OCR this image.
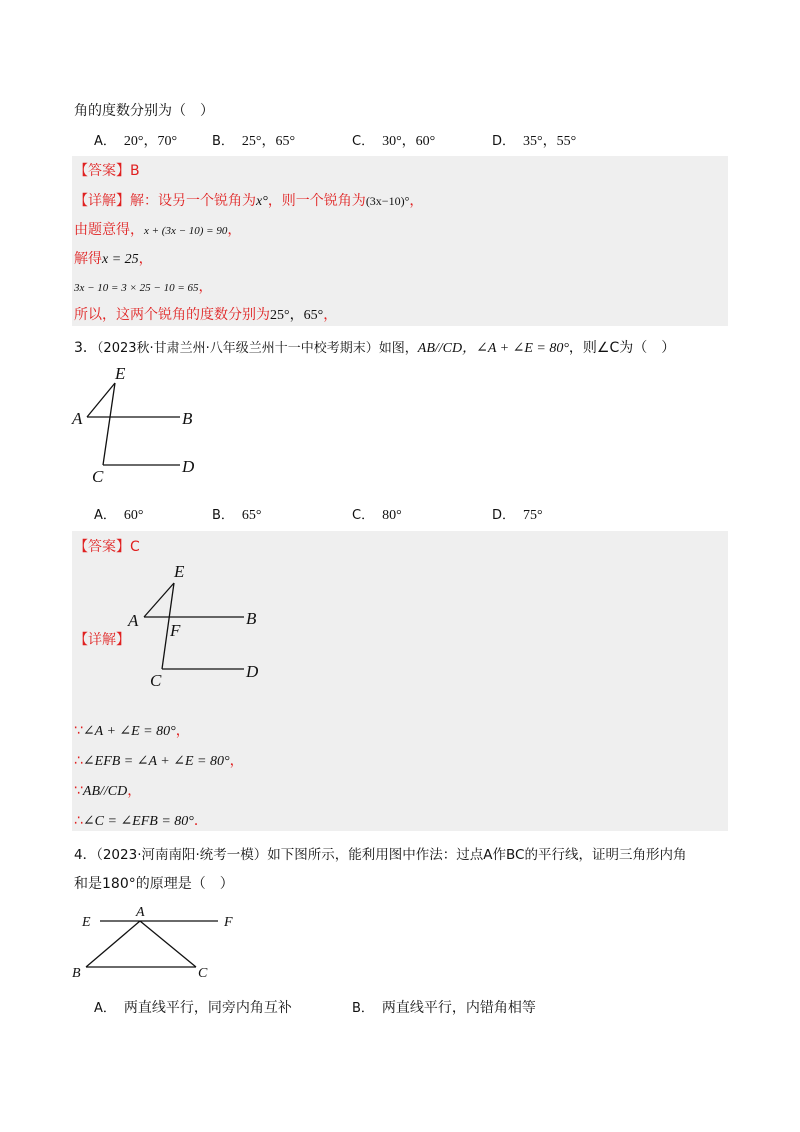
角的度数分别为（　）
A． 20°，70°	B． 25°，65°	C． 30°，60°	D． 35°，55°
【答案】B
【详解】解：设另一个锐角为x°，则一个锐角为(3x−10)°，
由题意得，x + (3x − 10) = 90，
解得x = 25，
3x − 10 = 3 × 25 − 10 = 65，
所以，这两个锐角的度数分别为25°，65°，
3．（2023秋·甘肃兰州·八年级兰州十一中校考期末）如图，AB//CD，∠A + ∠E = 80°，则∠C为（　）
E
A	B
C
D
A． 60°	B． 65°	C． 80°	D． 75°
【答案】C
【详解】
E
A
F
B
C	D
∵∠A + ∠E = 80°，
∴∠EFB = ∠A + ∠E = 80°，
∵AB//CD，
∴∠C = ∠EFB = 80°．
4．（2023·河南南阳·统考一模）如下图所示，能利用图中作法：过点A作BC的平行线，证明三角形内角
和是180°的原理是（　）
E
A
F
B	C
A． 两直线平行，同旁内角互补	B． 两直线平行，内错角相等
